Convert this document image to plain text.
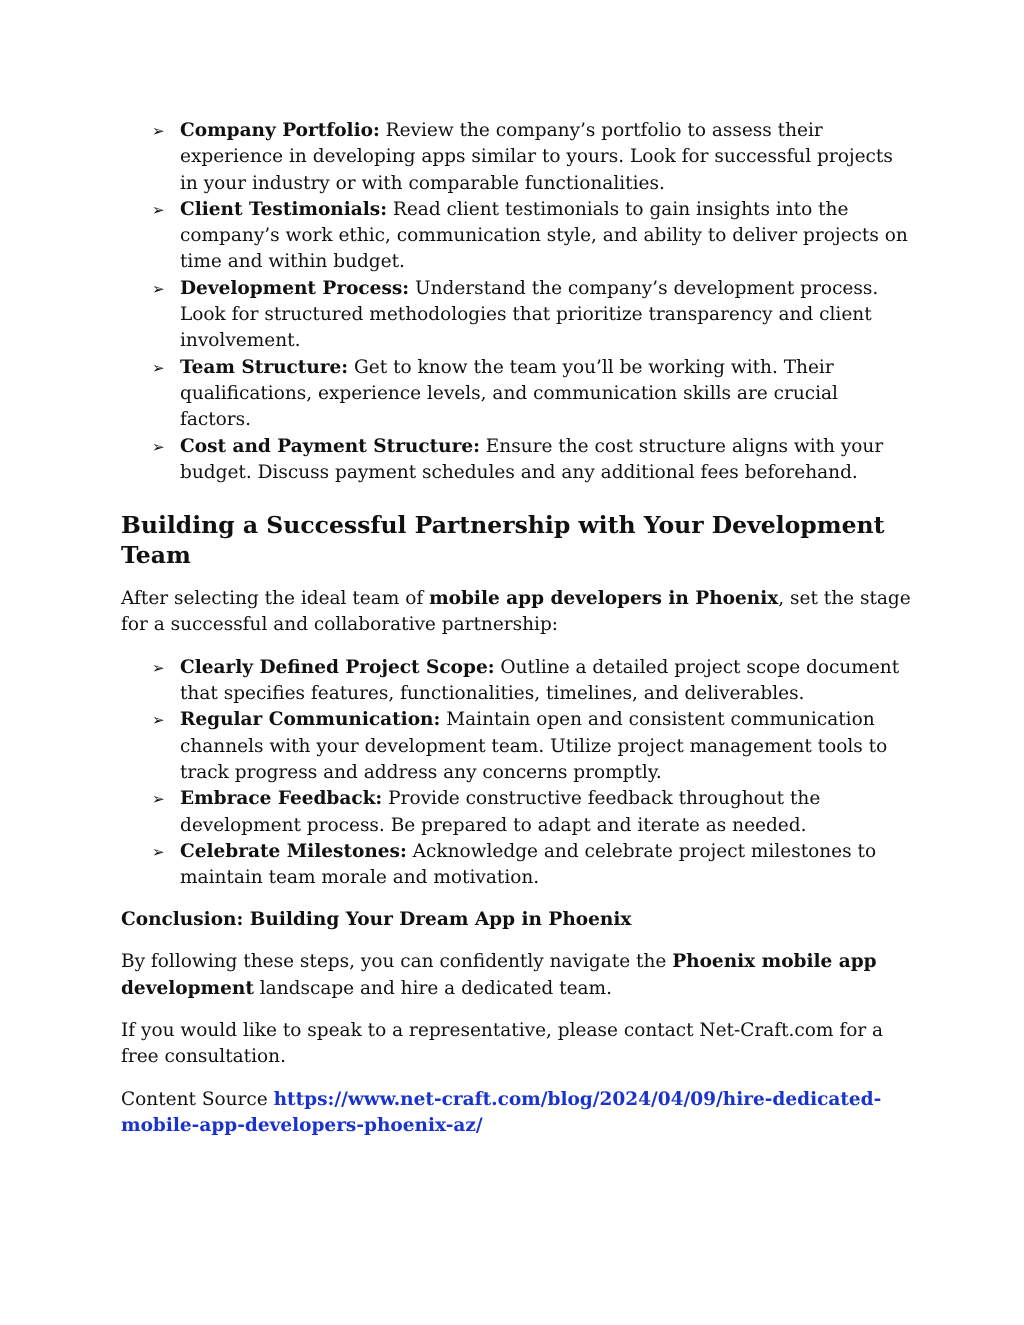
➢ Company Portfolio: Review the company’s portfolio to assess their experience in developing apps similar to yours. Look for successful projects in your industry or with comparable functionalities.
➢ Client Testimonials: Read client testimonials to gain insights into the company’s work ethic, communication style, and ability to deliver projects on time and within budget.
➢ Development Process: Understand the company’s development process. Look for structured methodologies that prioritize transparency and client involvement.
➢ Team Structure: Get to know the team you’ll be working with. Their qualifications, experience levels, and communication skills are crucial factors.
➢ Cost and Payment Structure: Ensure the cost structure aligns with your budget. Discuss payment schedules and any additional fees beforehand.
Building a Successful Partnership with Your Development Team

After selecting the ideal team of mobile app developers in Phoenix, set the stage for a successful and collaborative partnership:

➢ Clearly Defined Project Scope: Outline a detailed project scope document that specifies features, functionalities, timelines, and deliverables.
➢ Regular Communication: Maintain open and consistent communication channels with your development team. Utilize project management tools to track progress and address any concerns promptly.
➢ Embrace Feedback: Provide constructive feedback throughout the development process. Be prepared to adapt and iterate as needed.
➢ Celebrate Milestones: Acknowledge and celebrate project milestones to maintain team morale and motivation.
Conclusion: Building Your Dream App in Phoenix

By following these steps, you can confidently navigate the Phoenix mobile app development landscape and hire a dedicated team.

If you would like to speak to a representative, please contact Net-Craft.com for a free consultation.

Content Source https://www.net-craft.com/blog/2024/04/09/hire-dedicated-mobile-app-developers-phoenix-az/
